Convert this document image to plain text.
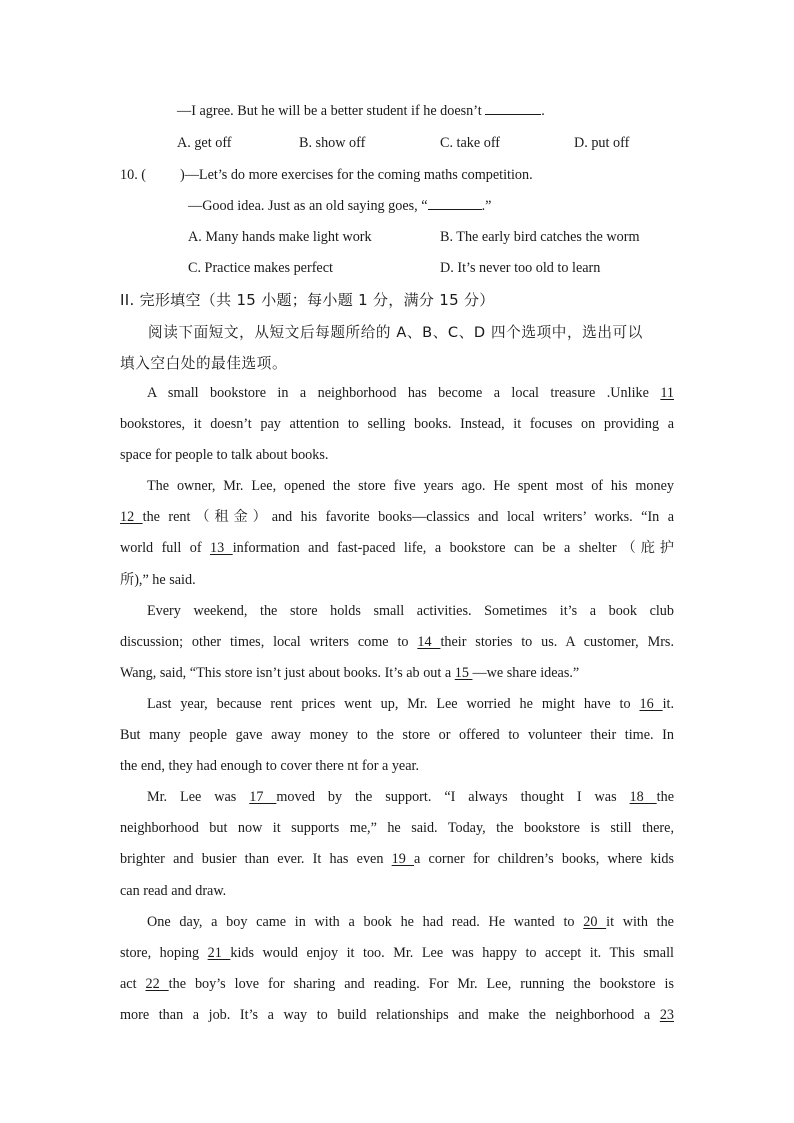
—I agree. But he will be a better student if he doesn’t	.
A. get off	B. show off	C. take off	D. put off
10. ( )—Let’s do more exercises for the coming maths competition.
—Good idea. Just as an old saying goes, “	.”
A. Many hands make light work	B. The early bird catches the worm
C. Practice makes perfect	D. It’s never too old to learn
II. 完形填空（共 15 小题；每小题 1 分，满分 15 分）
阅读下面短文，从短文后每题所给的 A、B、C、D 四个选项中，选出可以
填入空白处的最佳选项。
A small bookstore in a neighborhood has become a local treasure .Unlike 11
bookstores, it doesn’t pay attention to selling books. Instead, it focuses on providing a
space for people to talk about books.
The owner, Mr. Lee, opened the store five years ago. He spent most of his money
12 the rent（租金）and his favorite books—classics and local writers’ works. “In a
world full of 13 information and fast-paced life, a bookstore can be a shelter（庇护
所),” he said.
Every weekend, the store holds small activities. Sometimes it’s a book club
discussion; other times, local writers come to 14 their stories to us. A customer, Mrs.
Wang, said, “This store isn’t just about books. It’s ab out a 15 —we share ideas.”
Last year, because rent prices went up, Mr. Lee worried he might have to 16 it.
But many people gave away money to the store or offered to volunteer their time. In
the end, they had enough to cover there nt for a year.
Mr. Lee was 17 moved by the support. “I always thought I was 18 the
neighborhood but now it supports me,” he said. Today, the bookstore is still there,
brighter and busier than ever. It has even 19 a corner for children’s books, where kids
can read and draw.
One day, a boy came in with a book he had read. He wanted to 20 it with the
store, hoping 21 kids would enjoy it too. Mr. Lee was happy to accept it. This small
act 22 the boy’s love for sharing and reading. For Mr. Lee, running the bookstore is
more than a job. It’s a way to build relationships and make the neighborhood a 23
